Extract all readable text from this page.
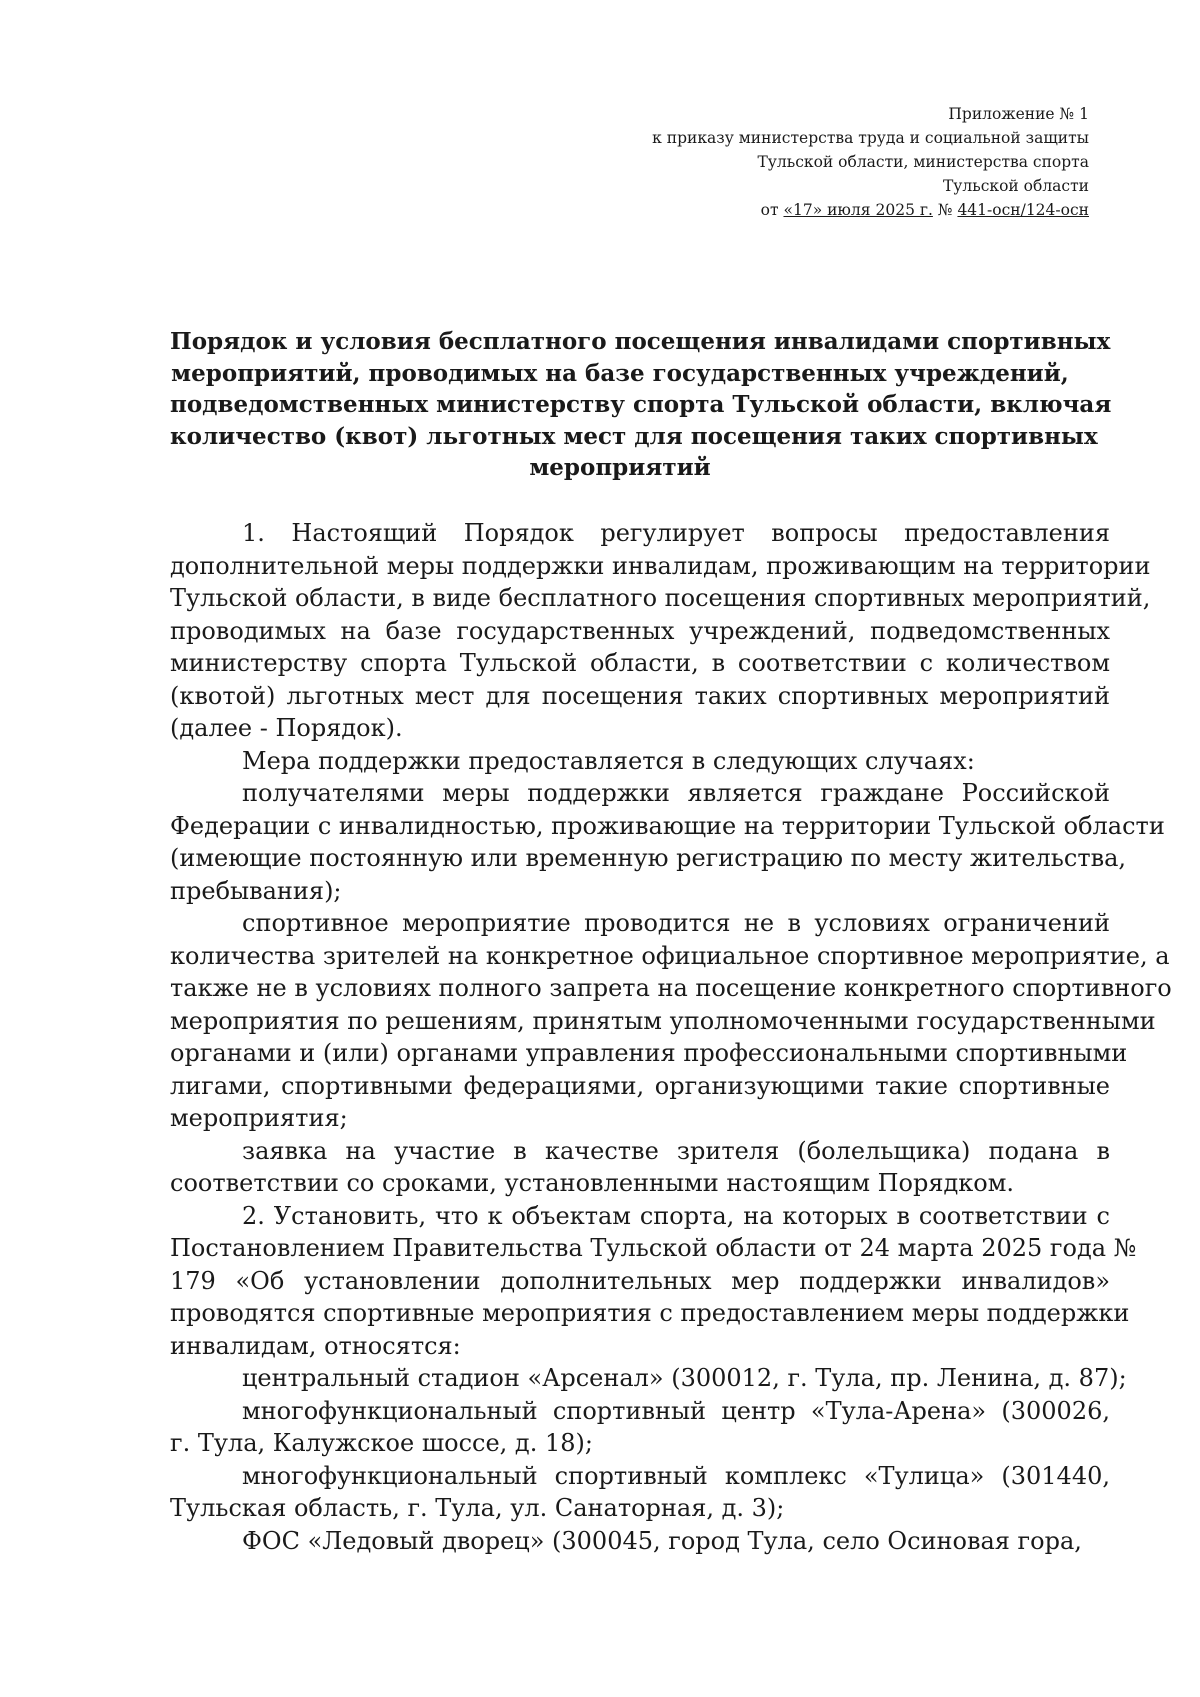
Приложение № 1
к приказу министерства труда и социальной защиты
Тульской области, министерства спорта
Тульской области
от «17» июля 2025 г. № 441-осн/124-осн
Порядок и условия бесплатного посещения инвалидами спортивных
мероприятий, проводимых на базе государственных учреждений,
подведомственных министерству спорта Тульской области, включая
количество (квот) льготных мест для посещения таких спортивных
мероприятий

1. Настоящий Порядок регулирует вопросы предоставления
дополнительной меры поддержки инвалидам, проживающим на территории
Тульской области, в виде бесплатного посещения спортивных мероприятий,
проводимых на базе государственных учреждений, подведомственных
министерству спорта Тульской области, в соответствии с количеством
(квотой) льготных мест для посещения таких спортивных мероприятий
(далее - Порядок).

Мера поддержки предоставляется в следующих случаях:

получателями меры поддержки является граждане Российской
Федерации с инвалидностью, проживающие на территории Тульской области
(имеющие постоянную или временную регистрацию по месту жительства,
пребывания);

спортивное мероприятие проводится не в условиях ограничений
количества зрителей на конкретное официальное спортивное мероприятие, а
также не в условиях полного запрета на посещение конкретного спортивного
мероприятия по решениям, принятым уполномоченными государственными
органами и (или) органами управления профессиональными спортивными
лигами, спортивными федерациями, организующими такие спортивные
мероприятия;

заявка на участие в качестве зрителя (болельщика) подана в
соответствии со сроками, установленными настоящим Порядком.

2. Установить, что к объектам спорта, на которых в соответствии с
Постановлением Правительства Тульской области от 24 марта 2025 года №
179 «Об установлении дополнительных мер поддержки инвалидов»
проводятся спортивные мероприятия с предоставлением меры поддержки
инвалидам, относятся:

центральный стадион «Арсенал» (300012, г. Тула, пр. Ленина, д. 87);

многофункциональный спортивный центр «Тула-Арена» (300026,
г. Тула, Калужское шоссе, д. 18);

многофункциональный спортивный комплекс «Тулица» (301440,
Тульская область, г. Тула, ул. Санаторная, д. 3);

ФОС «Ледовый дворец» (300045, город Тула, село Осиновая гора,
